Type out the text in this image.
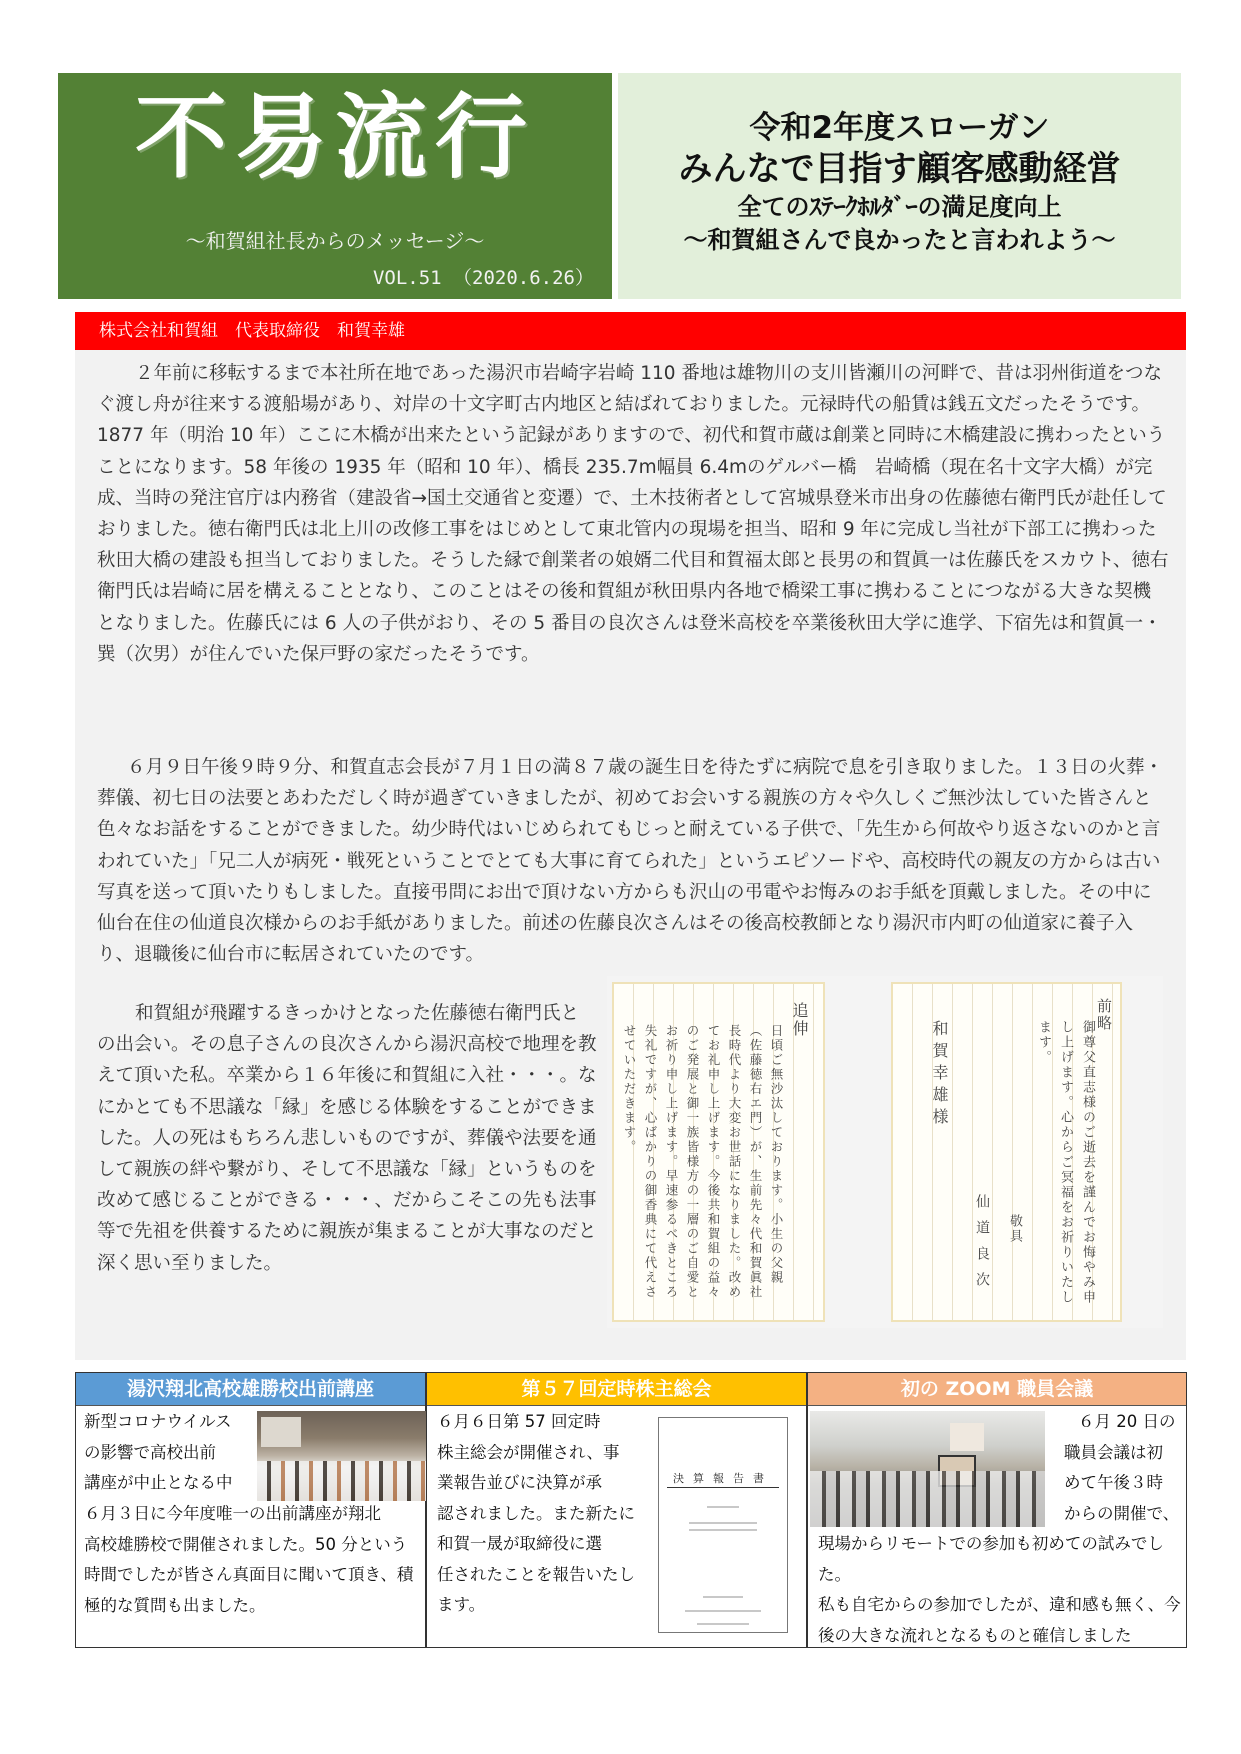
不易流行
～和賀組社長からのメッセージ～
VOL.51 （2020.6.26）
令和2年度スローガン
みんなで目指す顧客感動経営
全てのｽﾃｰｸﾎﾙﾀﾞｰの満足度向上
～和賀組さんで良かったと言われよう～
株式会社和賀組　代表取締役　和賀幸雄
２年前に移転するまで本社所在地であった湯沢市岩崎字岩崎 110 番地は雄物川の支川皆瀬川の河畔で、昔は羽州街道をつなぐ渡し舟が往来する渡船場があり、対岸の十文字町古内地区と結ばれておりました。元禄時代の船賃は銭五文だったそうです。1877 年（明治 10 年）ここに木橋が出来たという記録がありますので、初代和賀市蔵は創業と同時に木橋建設に携わったということになります。58 年後の 1935 年（昭和 10 年）、橋長 235.7m幅員 6.4mのゲルバー橋　岩崎橋（現在名十文字大橋）が完成、当時の発注官庁は内務省（建設省→国土交通省と変遷）で、土木技術者として宮城県登米市出身の佐藤徳右衛門氏が赴任しておりました。徳右衛門氏は北上川の改修工事をはじめとして東北管内の現場を担当、昭和 9 年に完成し当社が下部工に携わった秋田大橋の建設も担当しておりました。そうした縁で創業者の娘婿二代目和賀福太郎と長男の和賀眞一は佐藤氏をスカウト、徳右衛門氏は岩崎に居を構えることとなり、このことはその後和賀組が秋田県内各地で橋梁工事に携わることにつながる大きな契機となりました。佐藤氏には 6 人の子供がおり、その 5 番目の良次さんは登米高校を卒業後秋田大学に進学、下宿先は和賀眞一・巽（次男）が住んでいた保戸野の家だったそうです。
６月９日午後９時９分、和賀直志会長が７月１日の満８７歳の誕生日を待たずに病院で息を引き取りました。１３日の火葬・葬儀、初七日の法要とあわただしく時が過ぎていきましたが、初めてお会いする親族の方々や久しくご無沙汰していた皆さんと色々なお話をすることができました。幼少時代はいじめられてもじっと耐えている子供で、「先生から何故やり返さないのかと言われていた」「兄二人が病死・戦死ということでとても大事に育てられた」というエピソードや、高校時代の親友の方からは古い写真を送って頂いたりもしました。直接弔問にお出で頂けない方からも沢山の弔電やお悔みのお手紙を頂戴しました。その中に仙台在住の仙道良次様からのお手紙がありました。前述の佐藤良次さんはその後高校教師となり湯沢市内町の仙道家に養子入り、退職後に仙台市に転居されていたのです。
和賀組が飛躍するきっかけとなった佐藤徳右衛門氏との出会い。その息子さんの良次さんから湯沢高校で地理を教えて頂いた私。卒業から１６年後に和賀組に入社・・・。なにかとても不思議な「縁」を感じる体験をすることができました。人の死はもちろん悲しいものですが、葬儀や法要を通して親族の絆や繋がり、そして不思議な「縁」というものを改めて感じることができる・・・、だからこそこの先も法事等で先祖を供養するために親族が集まることが大事なのだと深く思い至りました。
追伸
日頃ご無沙汰しております。小生の父親（佐藤徳右エ門）が、生前先々代和賀眞社長時代より大変お世話になりました。改めてお礼申し上げます。今後共和賀組の益々のご発展と御一族皆様方の一層のご自愛とお祈り申し上げます。早速参るべきところ失礼ですが、心ばかりの御香典にて代えさせていただきます。
前略
御尊父直志様のご逝去を謹んでお悔やみ申し上げます。心からご冥福をお祈りいたします。
敬具
仙道良次
和賀幸雄様
湯沢翔北高校雄勝校出前講座
新型コロナウイルス
の影響で高校出前
講座が中止となる中
６月３日に今年度唯一の出前講座が翔北
高校雄勝校で開催されました。50 分という
時間でしたが皆さん真面目に聞いて頂き、積
極的な質問も出ました。
第５７回定時株主総会
６月６日第 57 回定時
株主総会が開催され、事
業報告並びに決算が承
認されました。また新たに
和賀一晟が取締役に選
任されたことを報告いたし
ます。
決算報告書
初の ZOOM 職員会議
６月 20 日の
職員会議は初
めて午後３時
からの開催で、
現場からリモートでの参加も初めての試みでした。
私も自宅からの参加でしたが、違和感も無く、今
後の大きな流れとなるものと確信しました
